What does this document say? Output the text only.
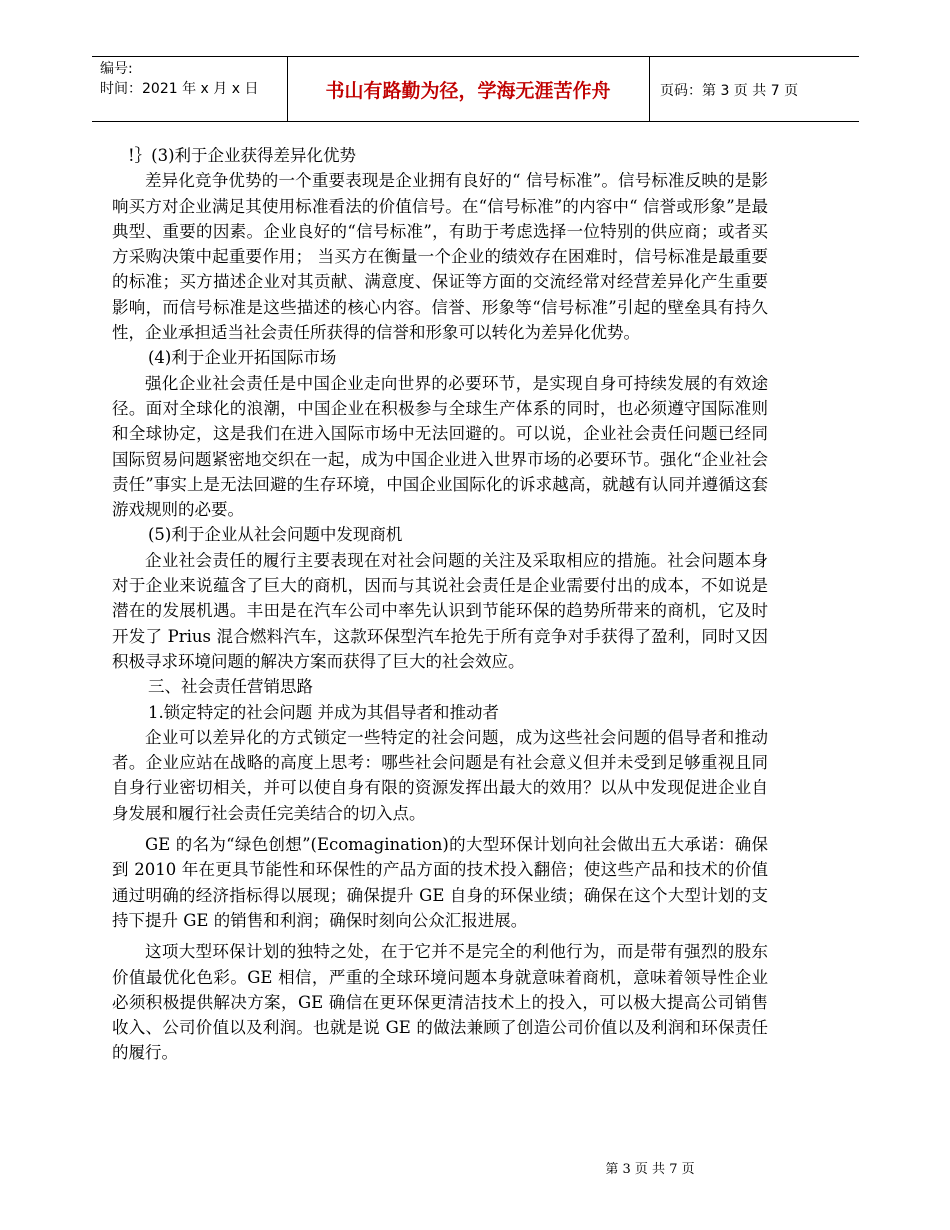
编号:
时间：2021 年 x 月 x 日	书山有路勤为径，学海无涯苦作舟	页码：第 3 页 共 7 页
!｝(3)利于企业获得差异化优势

差异化竞争优势的一个重要表现是企业拥有良好的“ 信号标准”。信号标准反映的是影响买方对企业满足其使用标准看法的价值信号。在“信号标准”的内容中“ 信誉或形象”是最典型、重要的因素。企业良好的“信号标准”，有助于考虑选择一位特别的供应商；或者买方采购决策中起重要作用； 当买方在衡量一个企业的绩效存在困难时，信号标准是最重要的标准；买方描述企业对其贡献、满意度、保证等方面的交流经常对经营差异化产生重要影响，而信号标准是这些描述的核心内容。信誉、形象等“信号标准”引起的壁垒具有持久性，企业承担适当社会责任所获得的信誉和形象可以转化为差异化优势。

(4)利于企业开拓国际市场

强化企业社会责任是中国企业走向世界的必要环节，是实现自身可持续发展的有效途径。面对全球化的浪潮，中国企业在积极参与全球生产体系的同时，也必须遵守国际准则和全球协定，这是我们在进入国际市场中无法回避的。可以说，企业社会责任问题已经同国际贸易问题紧密地交织在一起，成为中国企业进入世界市场的必要环节。强化“企业社会责任”事实上是无法回避的生存环境，中国企业国际化的诉求越高，就越有认同并遵循这套游戏规则的必要。

(5)利于企业从社会问题中发现商机

企业社会责任的履行主要表现在对社会问题的关注及采取相应的措施。社会问题本身对于企业来说蕴含了巨大的商机，因而与其说社会责任是企业需要付出的成本，不如说是潜在的发展机遇。丰田是在汽车公司中率先认识到节能环保的趋势所带来的商机，它及时开发了 Prius 混合燃料汽车，这款环保型汽车抢先于所有竞争对手获得了盈利，同时又因积极寻求环境问题的解决方案而获得了巨大的社会效应。

三、社会责任营销思路
1.锁定特定的社会问题 并成为其倡导者和推动者

企业可以差异化的方式锁定一些特定的社会问题，成为这些社会问题的倡导者和推动者。企业应站在战略的高度上思考：哪些社会问题是有社会意义但并未受到足够重视且同自身行业密切相关，并可以使自身有限的资源发挥出最大的效用？以从中发现促进企业自身发展和履行社会责任完美结合的切入点。

GE 的名为“绿色创想”(Ecomagination)的大型环保计划向社会做出五大承诺：确保到 2010 年在更具节能性和环保性的产品方面的技术投入翻倍；使这些产品和技术的价值通过明确的经济指标得以展现；确保提升 GE 自身的环保业绩；确保在这个大型计划的支持下提升 GE 的销售和利润；确保时刻向公众汇报进展。

这项大型环保计划的独特之处，在于它并不是完全的利他行为，而是带有强烈的股东价值最优化色彩。GE 相信，严重的全球环境问题本身就意味着商机，意味着领导性企业必须积极提供解决方案，GE 确信在更环保更清洁技术上的投入，可以极大提高公司销售收入、公司价值以及利润。也就是说 GE 的做法兼顾了创造公司价值以及利润和环保责任的履行。

第 3 页 共 7 页
